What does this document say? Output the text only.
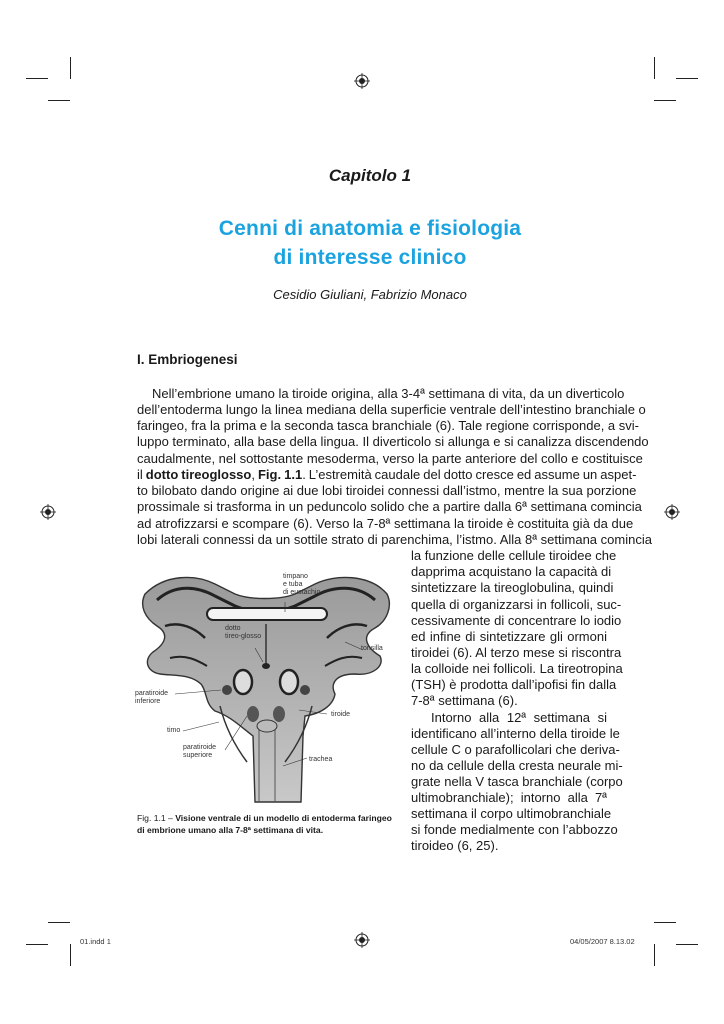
Capitolo 1
Cenni di anatomia e fisiologia
di interesse clinico
Cesidio Giuliani, Fabrizio Monaco
I. Embriogenesi
Nell’embrione umano la tiroide origina, alla 3-4ª settimana di vita, da un diverticolo
dell’entoderma lungo la linea mediana della superficie ventrale dell’intestino branchiale o
faringeo, fra la prima e la seconda tasca branchiale (6). Tale regione corrisponde, a svi-
luppo terminato, alla base della lingua. Il diverticolo si allunga e si canalizza discendendo
caudalmente, nel sottostante mesoderma, verso la parte anteriore del collo e costituisce
il dotto tireoglosso, Fig. 1.1. L’estremità caudale del dotto cresce ed assume un aspet-
to bilobato dando origine ai due lobi tiroidei connessi dall’istmo, mentre la sua porzione
prossimale si trasforma in un peduncolo solido che a partire dalla 6ª settimana comincia
ad atrofizzarsi e scompare (6). Verso la 7-8ª settimana la tiroide è costituita già da due
lobi laterali connessi da un sottile strato di parenchima, l’istmo. Alla 8ª settimana comincia
la funzione delle cellule tiroidee che
dapprima acquistano la capacità di
sintetizzare la tireoglobulina, quindi
quella di organizzarsi in follicoli, suc-
cessivamente di concentrare lo iodio
ed infine di sintetizzare gli ormoni
tiroidei (6). Al terzo mese si riscontra
la colloide nei follicoli. La tireotropina
(TSH) è prodotta dall’ipofisi fin dalla
7-8ª settimana (6).
Intorno alla 12ª settimana si
identificano all’interno della tiroide le
cellule C o parafollicolari che deriva-
no da cellule della cresta neurale mi-
grate nella V tasca branchiale (corpo
ultimobranchiale); intorno alla 7ª
settimana il corpo ultimobranchiale
si fonde medialmente con l’abbozzo
tiroideo (6, 25).
timpano
e tuba
di eustachio
dotto
tireo-glosso
tonsilla
paratiroide
inferiore
tiroide
timo
paratiroide
superiore
trachea
Fig. 1.1 – Visione ventrale di un modello di entoderma faringeo
di embrione umano alla 7-8ª settimana di vita.
01.indd 1	04/05/2007 8.13.02
